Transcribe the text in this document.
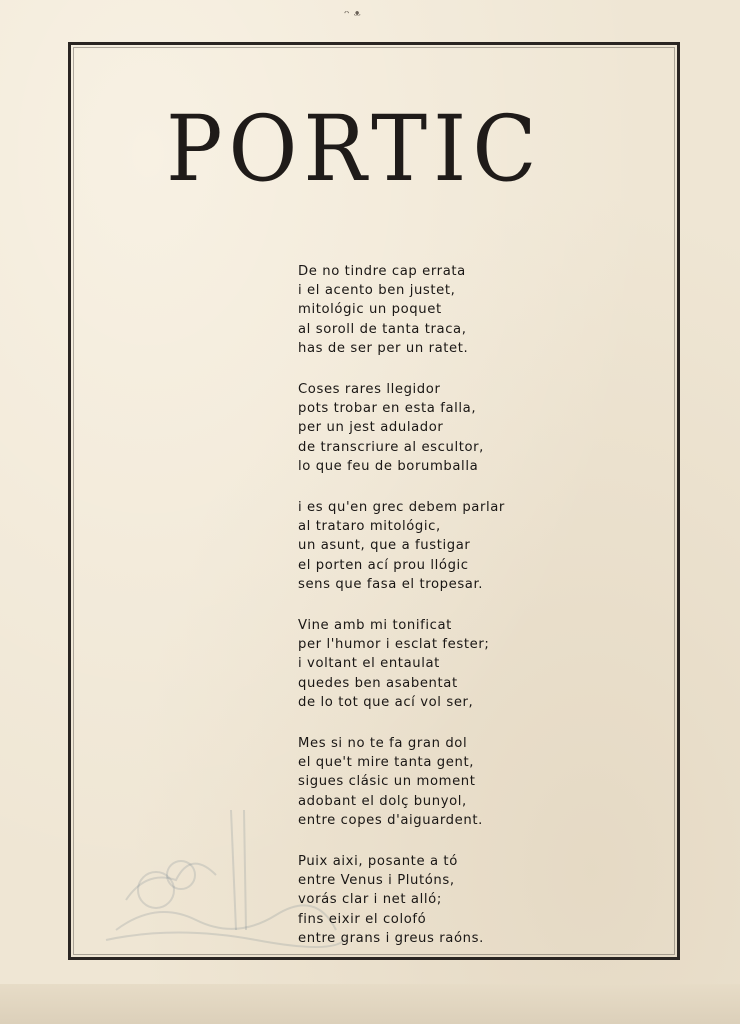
ᵔ ᵜ
PORTIC
De no tindre cap errata
i el acento ben justet,
mitológic un poquet
al soroll de tanta traca,
has de ser per un ratet.
Coses rares llegidor
pots trobar en esta falla,
per un jest adulador
de transcriure al escultor,
lo que feu de borumballa
i es qu'en grec debem parlar
al trataro mitológic,
un asunt, que a fustigar
el porten ací prou llógic
sens que fasa el tropesar.
Vine amb mi tonificat
per l'humor i esclat fester;
i voltant el entaulat
quedes ben asabentat
de lo tot que ací vol ser,
Mes si no te fa gran dol
el que't mire tanta gent,
sigues clásic un moment
adobant el dolç bunyol,
entre copes d'aiguardent.
Puix aixi, posante a tó
entre Venus i Plutóns,
vorás clar i net alló;
fins eixir el colofó
entre grans i greus raóns.
